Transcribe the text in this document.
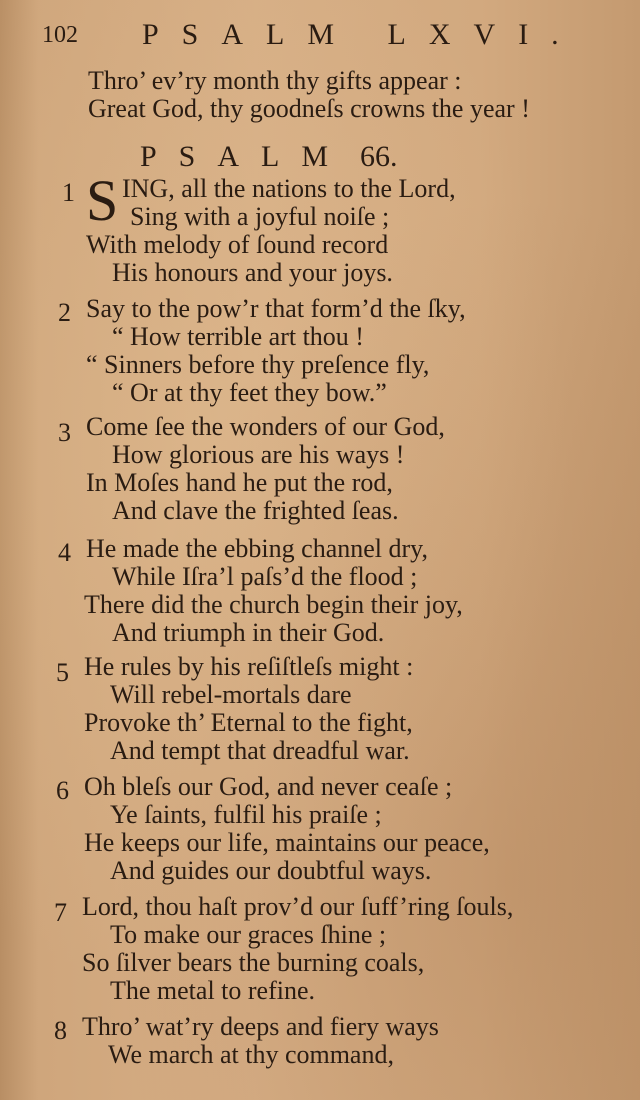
102 PSALM LXVI.
Thro’ ev’ry month thy gifts appear :
Great God, thy goodneſs crowns the year !
PSALM 66.
1 S ING, all the nations to the Lord,
Sing with a joyful noiſe ;
With melody of ſound record
His honours and your joys.
2 Say to the pow’r that form’d the ſky,
“ How terrible art thou !
“ Sinners before thy preſence fly,
“ Or at thy feet they bow.”
3 Come ſee the wonders of our God,
How glorious are his ways !
In Moſes hand he put the rod,
And clave the frighted ſeas.
4 He made the ebbing channel dry,
While Iſra’l paſs’d the flood ;
There did the church begin their joy,
And triumph in their God.
5 He rules by his reſiſtleſs might :
Will rebel-mortals dare
Provoke th’ Eternal to the fight,
And tempt that dreadful war.
6 Oh bleſs our God, and never ceaſe ;
Ye ſaints, fulfil his praiſe ;
He keeps our life, maintains our peace,
And guides our doubtful ways.
7 Lord, thou haſt prov’d our ſuff’ring ſouls,
To make our graces ſhine ;
So ſilver bears the burning coals,
The metal to refine.
8 Thro’ wat’ry deeps and fiery ways
We march at thy command,
